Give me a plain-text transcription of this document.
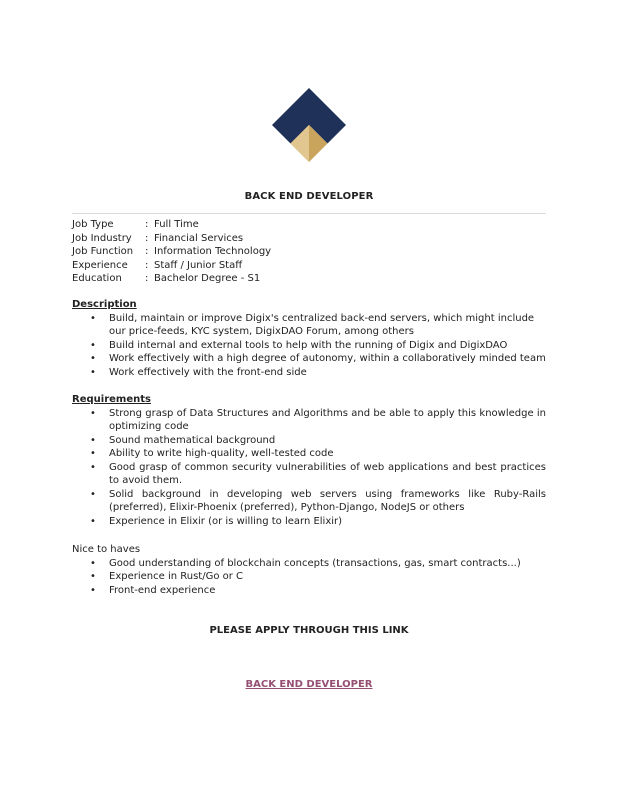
BACK END DEVELOPER
Job Type	: Full Time
Job Industry : Financial Services
Job Function : Information Technology
Experience : Staff / Junior Staff
Education : Bachelor Degree - S1
Description
• Build, maintain or improve Digix's centralized back-end servers, which might include our price-feeds, KYC system, DigixDAO Forum, among others
• Build internal and external tools to help with the running of Digix and DigixDAO
• Work effectively with a high degree of autonomy, within a collaboratively minded team
• Work effectively with the front-end side
Requirements
• Strong grasp of Data Structures and Algorithms and be able to apply this knowledge in optimizing code
• Sound mathematical background
• Ability to write high-quality, well-tested code
• Good grasp of common security vulnerabilities of web applications and best practices to avoid them.
• Solid background in developing web servers using frameworks like Ruby-Rails (preferred), Elixir-Phoenix (preferred), Python-Django, NodeJS or others
• Experience in Elixir (or is willing to learn Elixir)
Nice to haves
• Good understanding of blockchain concepts (transactions, gas, smart contracts...)
• Experience in Rust/Go or C
• Front-end experience
PLEASE APPLY THROUGH THIS LINK
BACK END DEVELOPER
